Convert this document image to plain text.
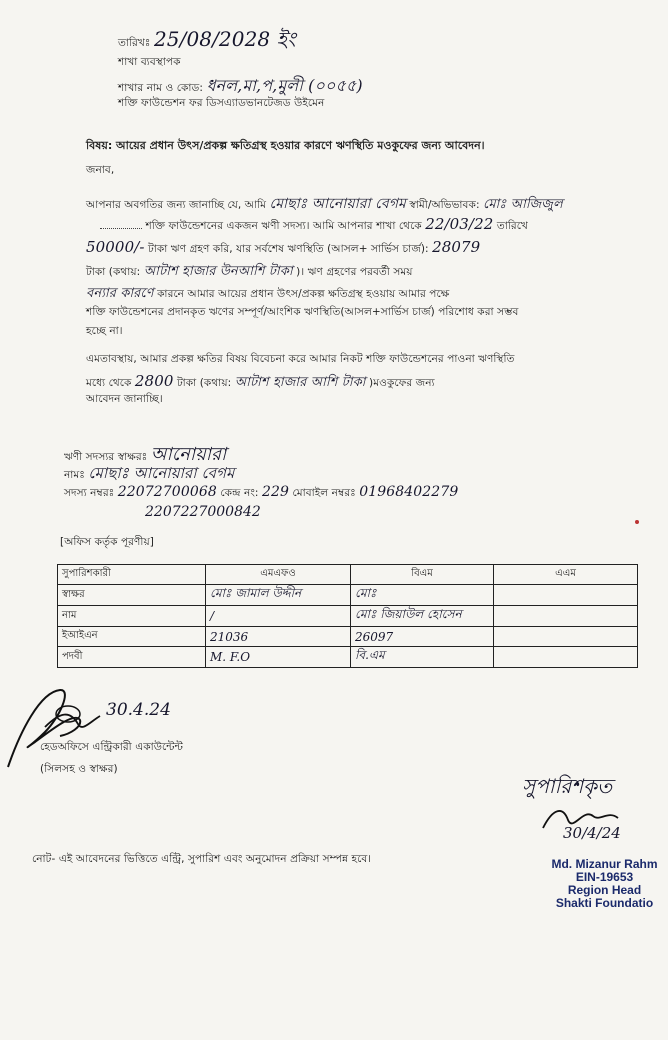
তারিখঃ 25/08/2028 ইং
শাখা ব্যবস্থাপক
শাখার নাম ও কোড: ধনল,মা,প,মুলী (০০৫৫)
শক্তি ফাউন্ডেশন ফর ডিসএ্যাডভানটেজড উইমেন
বিষয়: আয়ের প্রধান উৎস/প্রকল্প ক্ষতিগ্রস্থ হওয়ার কারণে ঋণস্থিতি মওকুফের জন্য আবেদন।
জনাব,
আপনার অবগতির জন্য জানাচ্ছি যে, আমি মোছাঃ আনোয়ারা বেগম স্বামী/অভিভাবক: মোঃ আজিজুল
শক্তি ফাউন্ডেশনের একজন ঋণী সদস্য। আমি আপনার শাখা থেকে 22/03/22 তারিখে
50000/- টাকা ঋণ গ্রহণ করি, যার সর্বশেষ ঋণস্থিতি (আসল+ সার্ভিস চার্জ): 28079
টাকা (কথায়: আটাশ হাজার উনআশি টাকা )। ঋণ গ্রহণের পরবর্তী সময়
বন্যার কারণে কারনে আমার আয়ের প্রধান উৎস/প্রকল্প ক্ষতিগ্রস্থ হওয়ায় আমার পক্ষে
শক্তি ফাউন্ডেশনের প্রদানকৃত ঋণের সম্পূর্ণ/আংশিক ঋণস্থিতি(আসল+সার্ভিস চার্জ) পরিশোধ করা সম্ভব
হচ্ছে না।
এমতাবস্থায়, আমার প্রকল্প ক্ষতির বিষয় বিবেচনা করে আমার নিকট শক্তি ফাউন্ডেশনের পাওনা ঋণস্থিতি
মধ্যে থেকে 2800 টাকা (কথায়: আটাশ হাজার আশি টাকা )মওকুফের জন্য
আবেদন জানাচ্ছি।
ঋণী সদস্যর স্বাক্ষরঃ আনোয়ারা
নামঃ মোছাঃ আনোয়ারা বেগম
সদস্য নম্বরঃ 22072700068 কেন্দ্র নং: 229 মোবাইল নম্বরঃ 01968402279
2207227000842
[অফিস কর্তৃক পূরণীয়]
সুপারিশকারী	এমএফও	বিএম	এএম
স্বাক্ষর	মোঃ জামাল উদ্দীন	মোঃ	
নাম	/	মোঃ জিয়াউল হোসেন	
ইআইএন	21036	26097	
পদবী	M. F.O	বি.এম	
30.4.24
হেডঅফিসে এন্ট্রিকারী একাউন্টেন্ট
(সিলসহ ও স্বাক্ষর)
সুপারিশকৃত
30/4/24
Md. Mizanur Rahm
EIN-19653
Region Head
Shakti Foundatio
নোট- এই আবেদনের ভিত্তিতে এন্ট্রি, সুপারিশ এবং অনুমোদন প্রক্রিয়া সম্পন্ন হবে।
